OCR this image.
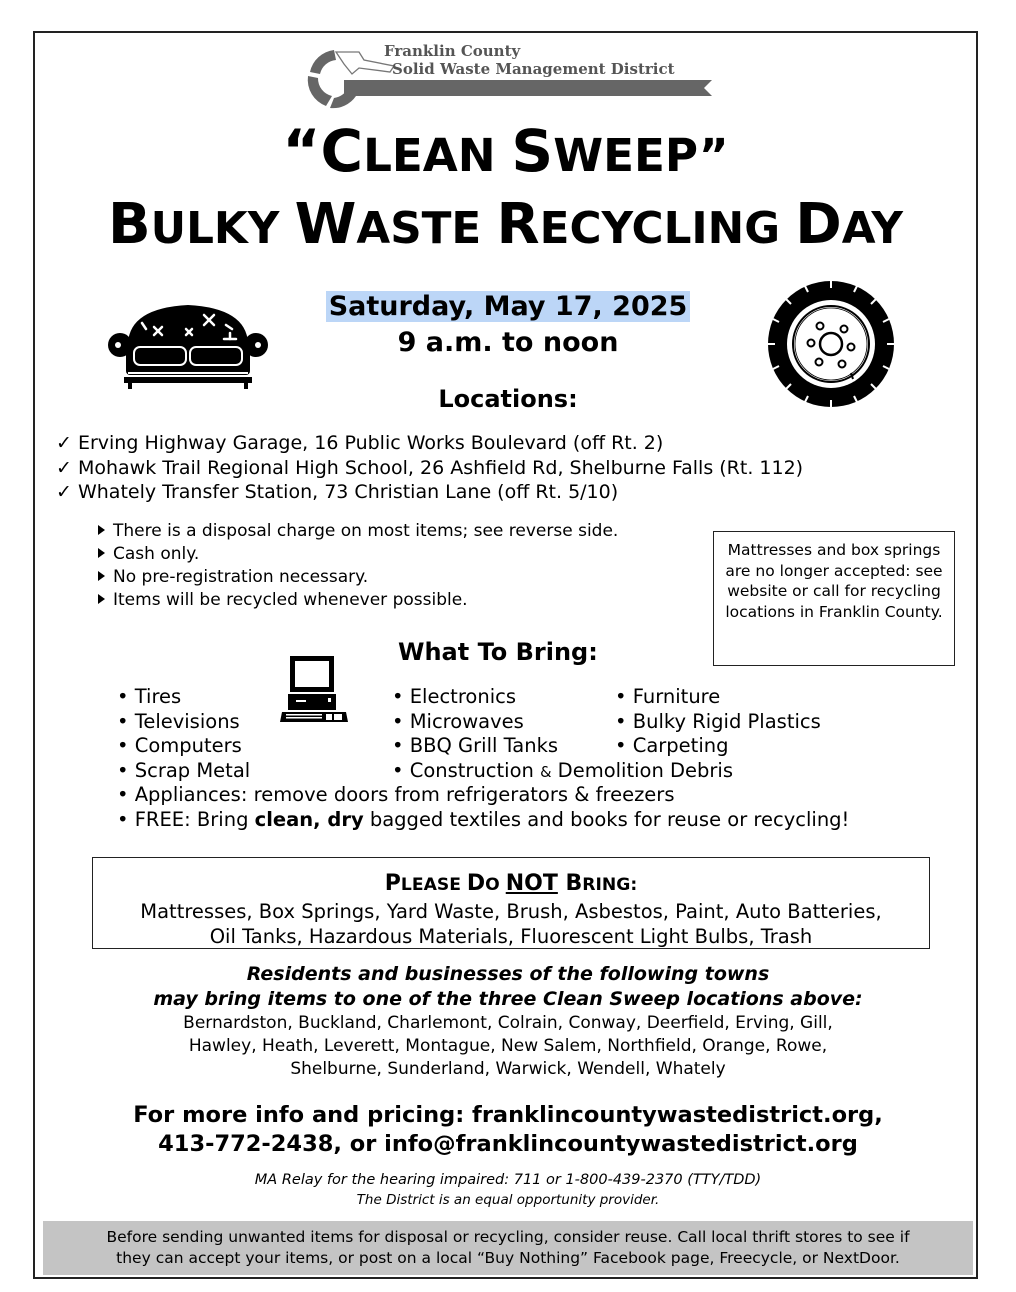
Franklin County
Solid Waste Management District
“CLEAN SWEEP”
BULKY WASTE RECYCLING DAY
Saturday, May 17, 2025
9 a.m. to noon
Locations:
✓ Erving Highway Garage, 16 Public Works Boulevard (off Rt. 2)
✓ Mohawk Trail Regional High School, 26 Ashfield Rd, Shelburne Falls (Rt. 112)
✓ Whately Transfer Station, 73 Christian Lane (off Rt. 5/10)
There is a disposal charge on most items; see reverse side.
Cash only.
No pre-registration necessary.
Items will be recycled whenever possible.
Mattresses and box springs are no longer accepted: see website or call for recycling locations in Franklin County.
What To Bring:
• Tires
• Televisions
• Computers
• Scrap Metal
• Electronics
• Microwaves
• BBQ Grill Tanks
• Construction & Demolition Debris
• Furniture
• Bulky Rigid Plastics
• Carpeting
• Appliances: remove doors from refrigerators & freezers
• FREE: Bring clean, dry bagged textiles and books for reuse or recycling!
PLEASE DO NOT BRING:
Mattresses, Box Springs, Yard Waste, Brush, Asbestos, Paint, Auto Batteries,
Oil Tanks, Hazardous Materials, Fluorescent Light Bulbs, Trash
Residents and businesses of the following towns
may bring items to one of the three Clean Sweep locations above:
Bernardston, Buckland, Charlemont, Colrain, Conway, Deerfield, Erving, Gill,
Hawley, Heath, Leverett, Montague, New Salem, Northfield, Orange, Rowe,
Shelburne, Sunderland, Warwick, Wendell, Whately
For more info and pricing: franklincountywastedistrict.org,
413-772-2438, or info@franklincountywastedistrict.org
MA Relay for the hearing impaired: 711 or 1-800-439-2370 (TTY/TDD)
The District is an equal opportunity provider.
Before sending unwanted items for disposal or recycling, consider reuse. Call local thrift stores to see if
they can accept your items, or post on a local “Buy Nothing” Facebook page, Freecycle, or NextDoor.
